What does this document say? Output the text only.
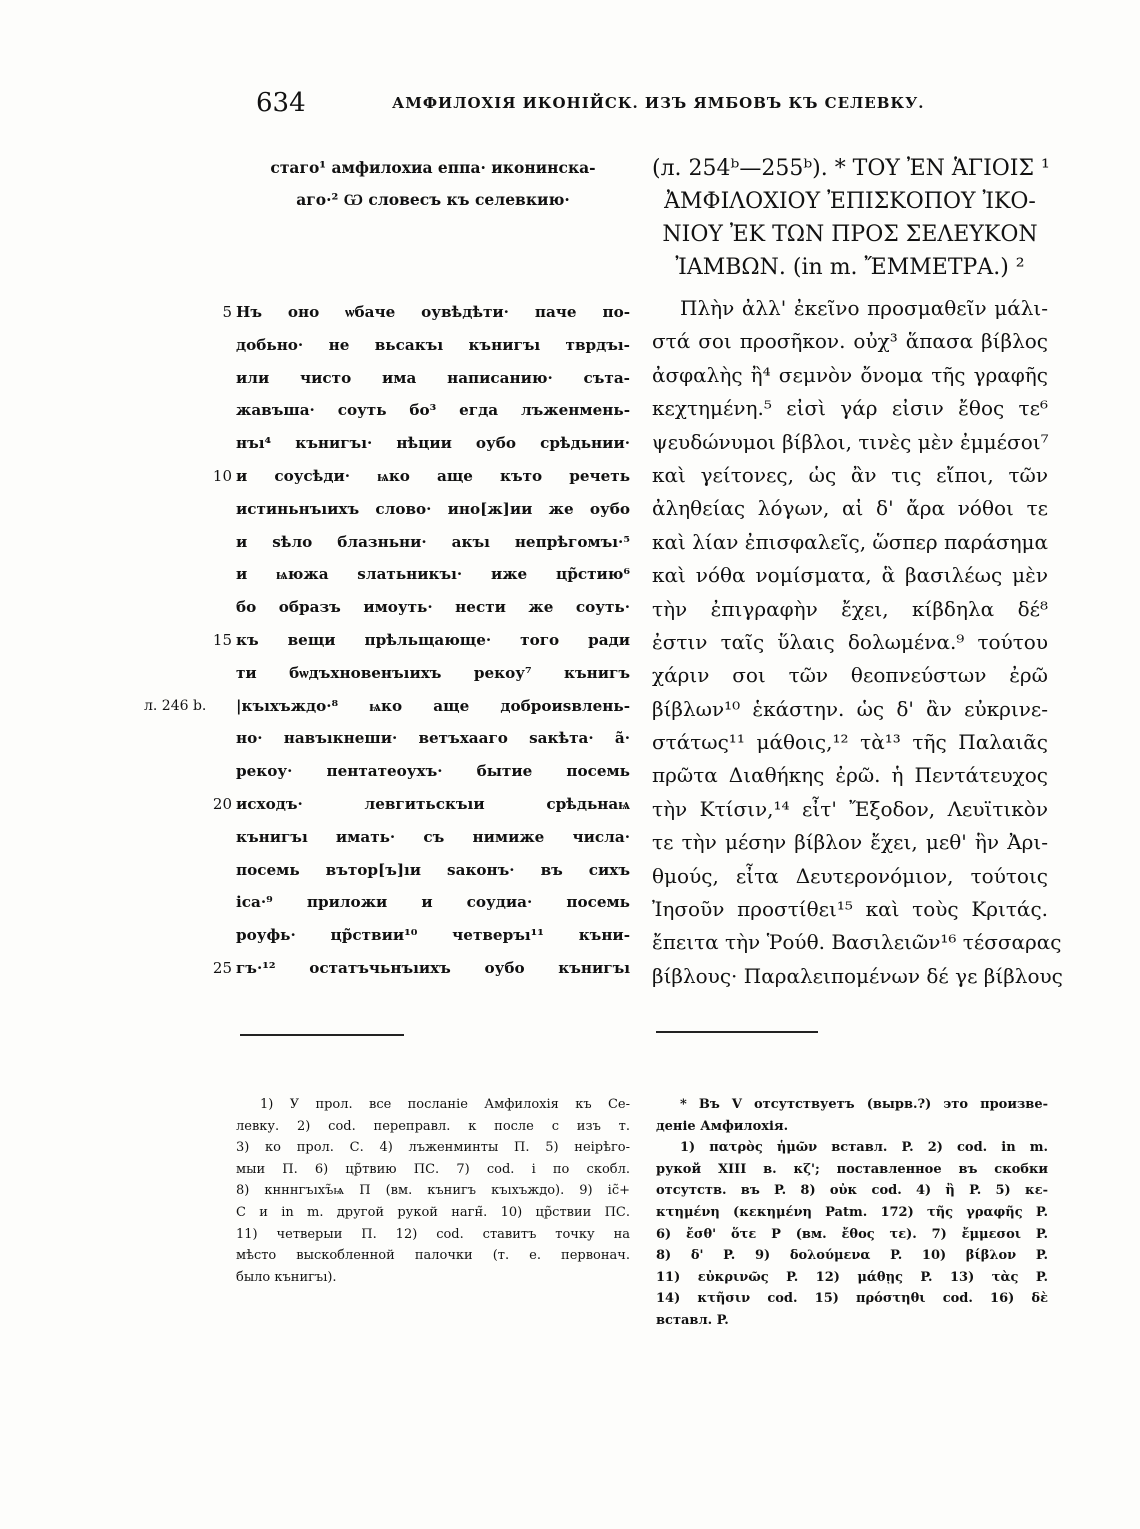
634	АМФИЛОХІЯ ИКОНІЙСК. ИЗЪ ЯМБОВЪ КЪ СЕЛЕВКУ.
стаго¹ амфилохиа еппа· иконинска-
аго·² Ѡ словесъ къ селевкию·
5 Нъ оно ѡбаче оувѣдѣти· паче по-
добьно· не вьсакъı кънигъı тврдъı-
или чисто има написанию· сътa-
жавъша· соуть бо³ егда лъженмень-
нъı⁴ кънигъı· нѣции оубо срѣдьнии·
10 и соусѣди· ѩко аще къто речеть
истиньнъıихъ слово· ино[ж]ии же оубо
и ѕѣло блазньни· акъı непрѣгомъı·⁵
и ѩюжа ѕлатьникъı· иже цр̃стию⁶
бо образъ имоуть· нести же соуть·
15 къ вещи прѣльщающе· того ради
ти бѡдъхновенъıихъ рекоу⁷ кънигъ
л. 246 b. |къıхъждо·⁸ ѩко аще доброиѕвлень-
но· навъıкнеши· ветъхааго ѕакѣта· а̃·
рекоу· пентатеоухъ· бытие посемь
20 исходъ· левгитьскъıи срѣдьнаѩ
кънигъı имать· съ нимиже числа·
посемь вътор[ъ]ıи ѕаконъ· въ сихъ
іса·⁹ приложи и соудиа· посемь
роуфь· цр̃ствии¹⁰ четверъı¹¹ къни-
25 гъ·¹² остатъчьнъıихъ оубо кънигъı
(л. 254ᵇ—255ᵇ). * ΤΟΥ ἘΝ ἉΓΙΟΙΣ ¹
ἈΜΦΙΛΟΧΙΟΥ ἘΠΙΣΚΟΠΟΥ ἸΚΟ-
ΝΙΟΥ ἘΚ ΤΩΝ ΠΡΟΣ ΣΕΛΕΥΚΟΝ
ἸΑΜΒΩΝ. (in m. ἜΜΜΕΤΡΑ.) ²
Πλὴν ἀλλ' ἐκεῖνο προσμαθεῖν μάλι-
στά σοι προσῆκον. οὐχ³ ἅπασα βίβλος
ἀσφαλὴς ἢ⁴ σεμνὸν ὄνομα τῆς γραφῆς
κεχτημένη.⁵ εἰσὶ γάρ εἰσιν ἔθος τε⁶
ψευδώνυμοι βίβλοι, τινὲς μὲν ἐμμέσοι⁷
καὶ γείτονες, ὡς ἂν τις εἴποι, τῶν
ἀληθείας λόγων, αἱ δ' ἄρα νόθοι τε
καὶ λίαν ἐπισφαλεῖς, ὥσπερ παράσημα
καὶ νόθα νομίσματα, ἃ βασιλέως μὲν
τὴν ἐπιγραφὴν ἔχει, κίβδηλα δέ⁸
ἐστιν ταῖς ὕλαις δολωμένα.⁹ τούτου
χάριν σοι τῶν θεοπνεύστων ἐρῶ
βίβλων¹⁰ ἑκάστην. ὡς δ' ἂν εὐκρινε-
στάτως¹¹ μάθοις,¹² τὰ¹³ τῆς Παλαιᾶς
πρῶτα Διαθήκης ἐρῶ. ἡ Πεντάτευχος
τὴν Κτίσιν,¹⁴ εἶτ' Ἔξοδον, Λευϊτικὸν
τε τὴν μέσην βίβλον ἔχει, μεθ' ἣν Ἀρι-
θμούς, εἶτα Δευτερονόμιον, τούτοις
Ἰησοῦν προστίθει¹⁵ καὶ τοὺς Κριτάς.
ἔπειτα τὴν Ῥούθ. Βασιλειῶν¹⁶ τέσσαρας
βίβλους· Παραλειπομένων δέ γε βίβλους
1) У прол. все посланіе Амфилохія къ Се-
левку. 2) cod. перепрaвл. к после с изъ т.
3) ко прол. С. 4) лъженминты П. 5) неiрѣго-
мыи П. 6) цр̃твию ПС. 7) cod. і по скобл.
8) кнннгъıхъ̃ѩ П (вм. кънигъ къıхъждо). 9) іс̃+
С и in m. другой рукой нагн̃. 10) цр̃ствии ПС.
11) четверыи П. 12) cod. ставитъ точку на
мѣсто выскобленной палочки (т. е. первонач.
было кънигъı).
* Въ V отсутствуетъ (вырв.?) это произве-
деніе Амфилохія.
1) πατρὸς ἡμῶν встaвл. P. 2) cod. in m.
рукой XIII в. κζ'; поставленное въ скобки
отсутств. въ P. 8) οὐκ cod. 4) ἢ P. 5) κε-
κτημένη (κεκημένη Patm. 172) τῆς γραφῆς P.
6) ἔσθ' ὅτε P (вм. ἔθος τε). 7) ἔμμεσοι P.
8) δ' P. 9) δολούμενα P. 10) βίβλον P.
11) εὐκρινῶς P. 12) μάθῃς P. 13) τὰς P.
14) κτῆσιν cod. 15) πρόστηθι cod. 16) δὲ
встaвл. P.
